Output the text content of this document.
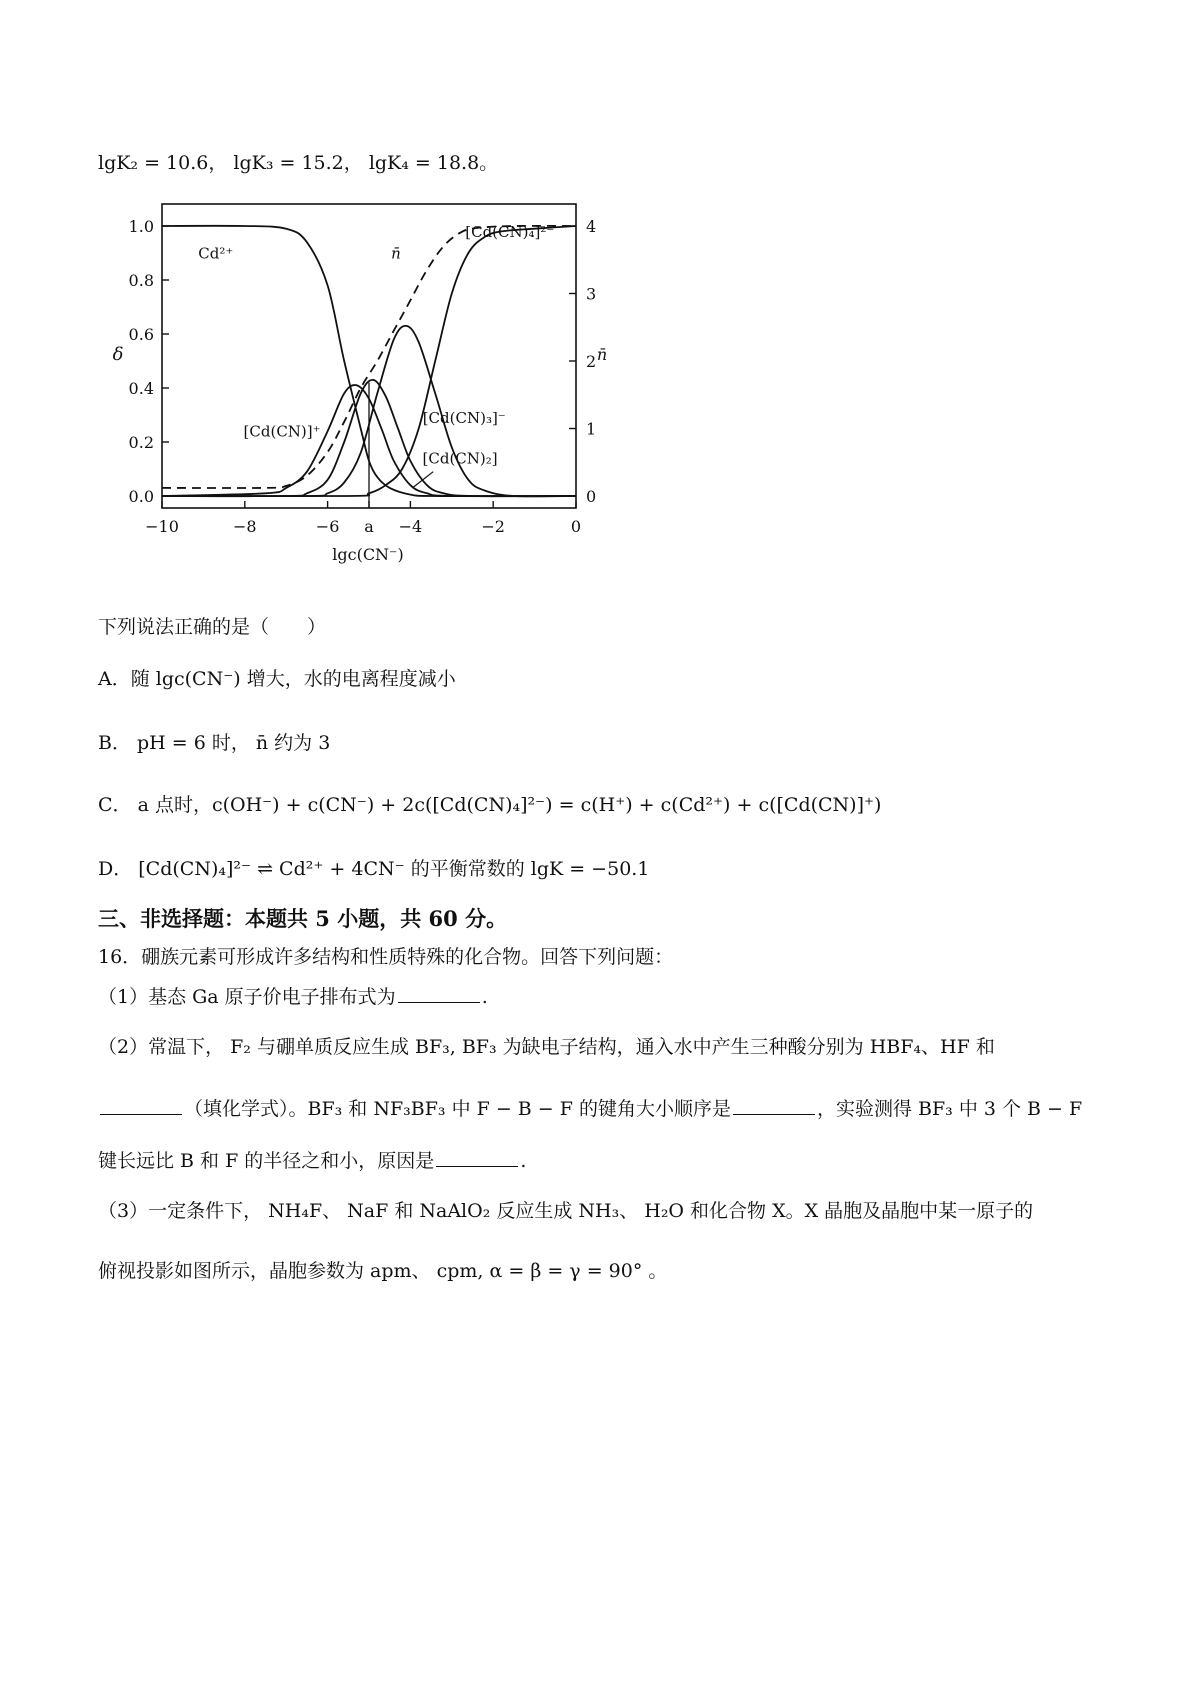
lgK₂ = 10.6， lgK₃ = 15.2， lgK₄ = 18.8。
−10	−8	−6 a −4	−2	0
0.0
0.2
0.4
0.6
0.8
1.0
0
1
2
3
4
lgc(CN⁻)
δ	n̄
Cd²⁺	n̄
[Cd(CN)₄]²⁻
[Cd(CN)]⁺
[Cd(CN)₃]⁻
[Cd(CN)₂]
下列说法正确的是（　　）
A．随 lgc(CN⁻) 增大，水的电离程度减小
B． pH = 6 时， n̄ 约为 3
C． a 点时，c(OH⁻) + c(CN⁻) + 2c([Cd(CN)₄]²⁻) = c(H⁺) + c(Cd²⁺) + c([Cd(CN)]⁺)
D． [Cd(CN)₄]²⁻ ⇌ Cd²⁺ + 4CN⁻ 的平衡常数的 lgK = −50.1
三、非选择题：本题共 5 小题，共 60 分。
16．硼族元素可形成许多结构和性质特殊的化合物。回答下列问题：
（1）基态 Ga 原子价电子排布式为	.
（2）常温下， F₂ 与硼单质反应生成 BF₃, BF₃ 为缺电子结构，通入水中产生三种酸分别为 HBF₄、HF 和
（填化学式）。BF₃ 和 NF₃BF₃ 中 F − B − F 的键角大小顺序是	，实验测得 BF₃ 中 3 个 B − F
键长远比 B 和 F 的半径之和小，原因是	.
（3）一定条件下， NH₄F、 NaF 和 NaAlO₂ 反应生成 NH₃、 H₂O 和化合物 X。X 晶胞及晶胞中某一原子的
俯视投影如图所示，晶胞参数为 apm、 cpm, α = β = γ = 90° 。
